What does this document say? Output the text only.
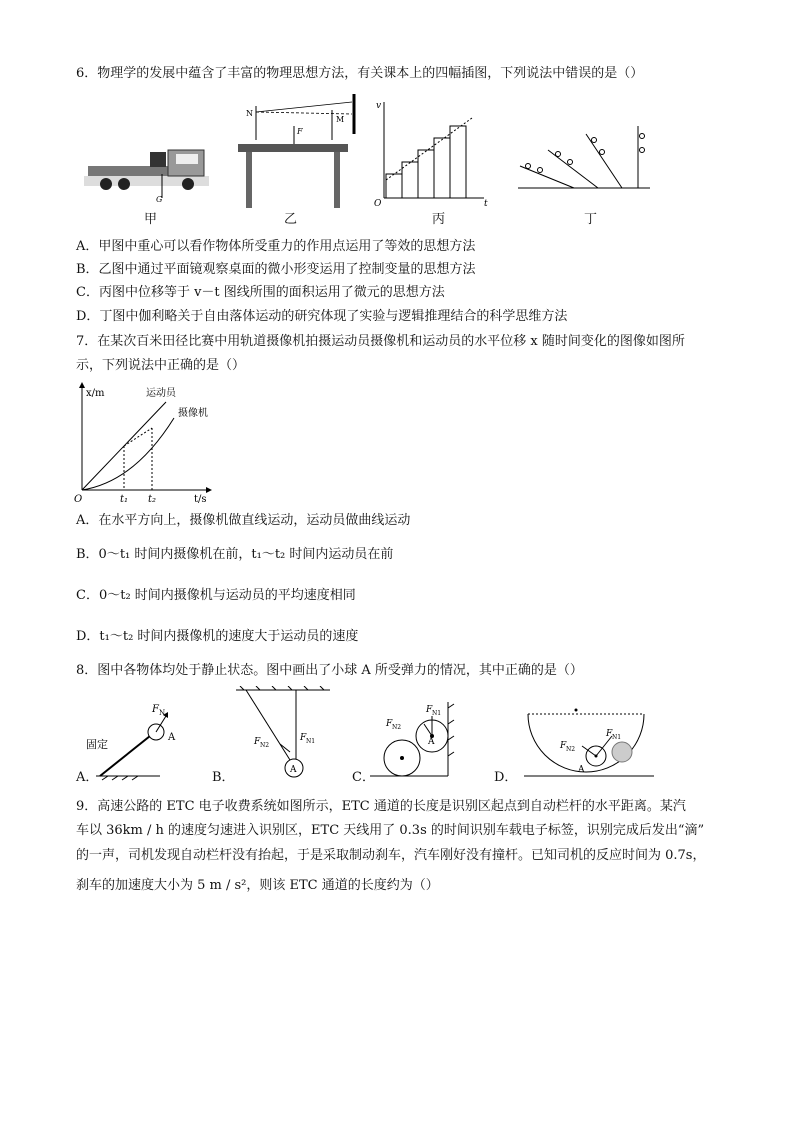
6．物理学的发展中蕴含了丰富的物理思想方法，有关课本上的四幅插图，下列说法中错误的是（）
G
甲
N
M
F
乙
v
O	t
丙	丁
A．甲图中重心可以看作物体所受重力的作用点运用了等效的思想方法
B．乙图中通过平面镜观察桌面的微小形变运用了控制变量的思想方法
C．丙图中位移等于 v－t 图线所围的面积运用了微元的思想方法
D．丁图中伽利略关于自由落体运动的研究体现了实验与逻辑推理结合的科学思维方法
7．在某次百米田径比赛中用轨道摄像机拍摄运动员摄像机和运动员的水平位移 x 随时间变化的图像如图所
示，下列说法中正确的是（）
x/m
t/s
O	t₁ t₂
运动员
摄像机
A．在水平方向上，摄像机做直线运动，运动员做曲线运动
B．0～t₁ 时间内摄像机在前，t₁～t₂ 时间内运动员在前
C．0～t₂ 时间内摄像机与运动员的平均速度相同
D．t₁～t₂ 时间内摄像机的速度大于运动员的速度
8．图中各物体均处于静止状态。图中画出了小球 A 所受弹力的情况，其中正确的是（）
A．
F N
A
固定
B．	A
F N2
F N1
C．
A
F N2
F N1
D．
F N2
F N1
A
9．高速公路的 ETC 电子收费系统如图所示，ETC 通道的长度是识别区起点到自动栏杆的水平距离。某汽
车以 36km / h 的速度匀速进入识别区，ETC 天线用了 0.3s 的时间识别车载电子标签，识别完成后发出“滴”
的一声，司机发现自动栏杆没有抬起，于是采取制动刹车，汽车刚好没有撞杆。已知司机的反应时间为 0.7s，
刹车的加速度大小为 5 m / s²，则该 ETC 通道的长度约为（）
